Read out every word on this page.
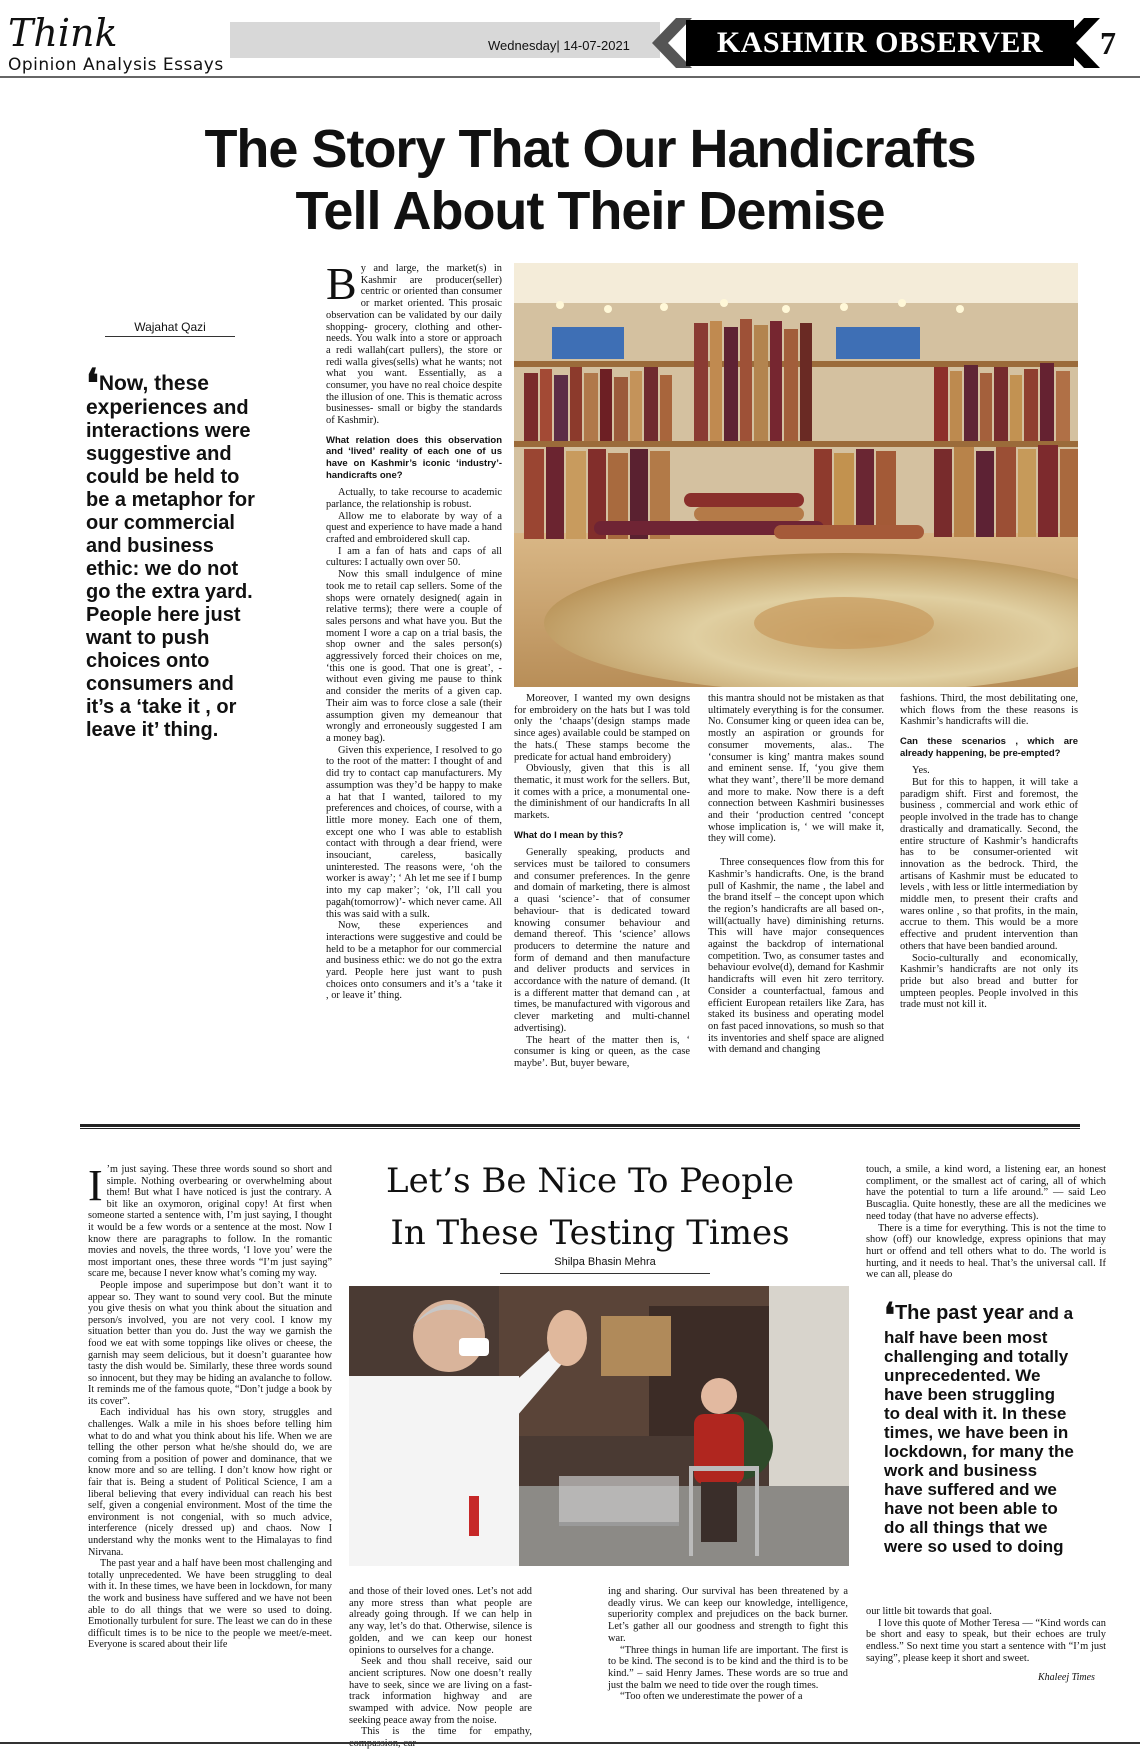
Think
Opinion Analysis Essays
Wednesday| 14-07-2021	KASHMIR OBSERVER	7
The Story That Our Handicrafts
Tell About Their Demise
Wajahat Qazi
❛Now, these experiences and interactions were suggestive and could be held to be a metaphor for our commercial and business ethic: we do not go the extra yard. People here just want to push choices onto consumers and it’s a ‘take it , or leave it’ thing.

By and large, the market(s) in Kashmir are producer(seller) centric or oriented than consumer or market oriented. This prosaic observation can be validated by our daily shopping- grocery, clothing and other- needs. You walk into a store or approach a redi wallah(cart pullers), the store or redi walla gives(sells) what he wants; not what you want. Essentially, as a consumer, you have no real choice despite the illusion of one. This is thematic across businesses- small or bigby the standards of Kashmir).

What relation does this observation and ‘lived’ reality of each one of us have on Kashmir’s iconic ‘industry’- handicrafts one?

Actually, to take recourse to academic parlance, the relationship is robust.

Allow me to elaborate by way of a quest and experience to have made a hand crafted and embroidered skull cap.

I am a fan of hats and caps of all cultures: I actually own over 50.

Now this small indulgence of mine took me to retail cap sellers. Some of the shops were ornately designed( again in relative terms); there were a couple of sales persons and what have you. But the moment I wore a cap on a trial basis, the shop owner and the sales person(s) aggressively forced their choices on me, ‘this one is good. That one is great’, - without even giving me pause to think and consider the merits of a given cap. Their aim was to force close a sale (their assumption given my demeanour that wrongly and erroneously suggested I am a money bag).

Given this experience, I resolved to go to the root of the matter: I thought of and did try to contact cap manufacturers. My assumption was they’d be happy to make a hat that I wanted, tailored to my preferences and choices, of course, with a little more money. Each one of them, except one who I was able to establish contact with through a dear friend, were insouciant, careless, basically uninterested. The reasons were, ‘oh the worker is away’; ‘ Ah let me see if I bump into my cap maker’; ‘ok, I’ll call you pagah(tomorrow)’- which never came. All this was said with a sulk.

Now, these experiences and interactions were suggestive and could be held to be a metaphor for our commercial and business ethic: we do not go the extra yard. People here just want to push choices onto consumers and it’s a ‘take it , or leave it’ thing.

Moreover, I wanted my own designs for embroidery on the hats but I was told only the ‘chaaps’(design stamps made since ages) available could be stamped on the hats.( These stamps become the predicate for actual hand embroidery)

Obviously, given that this is all thematic, it must work for the sellers. But, it comes with a price, a monumental one- the diminishment of our handicrafts In all markets.

What do I mean by this?

Generally speaking, products and services must be tailored to consumers and consumer preferences. In the genre and domain of marketing, there is almost a quasi ‘science’- that of consumer behaviour- that is dedicated toward knowing consumer behaviour and demand thereof. This ‘science’ allows producers to determine the nature and form of demand and then manufacture and deliver products and services in accordance with the nature of demand. (It is a different matter that demand can , at times, be manufactured with vigorous and clever marketing and multi-channel advertising).

The heart of the matter then is, ‘ consumer is king or queen, as the case maybe’. But, buyer beware,

this mantra should not be mistaken as that ultimately everything is for the consumer. No. Consumer king or queen idea can be, mostly an aspiration or grounds for consumer movements, alas.. The ‘consumer is king’ mantra makes sound and eminent sense. If, ‘you give them what they want’, there’ll be more demand and more to make. Now there is a deft connection between Kashmiri businesses and their ‘production centred ‘concept whose implication is, ‘ we will make it, they will come).

Three consequences flow from this for Kashmir’s handicrafts. One, is the brand pull of Kashmir, the name , the label and the brand itself – the concept upon which the region’s handicrafts are all based on-, will(actually have) diminishing returns. This will have major consequences against the backdrop of international competition. Two, as consumer tastes and behaviour evolve(d), demand for Kashmir handicrafts will even hit zero territory. Consider a counterfactual, famous and efficient European retailers like Zara, has staked its business and operating model on fast paced innovations, so mush so that its inventories and shelf space are aligned with demand and changing

fashions. Third, the most debilitating one, which flows from the these reasons is Kashmir’s handicrafts will die.

Can these scenarios , which are already happening, be pre-empted?

Yes.

But for this to happen, it will take a paradigm shift. First and foremost, the business , commercial and work ethic of people involved in the trade has to change drastically and dramatically. Second, the entire structure of Kashmir’s handicrafts has to be consumer-oriented wit innovation as the bedrock. Third, the artisans of Kashmir must be educated to levels , with less or little intermediation by middle men, to present their crafts and wares online , so that profits, in the main, accrue to them. This would be a more effective and prudent intervention than others that have been bandied around.

Socio-culturally and economically, Kashmir’s handicrafts are not only its pride but also bread and butter for umpteen peoples. People involved in this trade must not kill it.

I ’m just saying. These three words sound so short and simple. Nothing overbearing or overwhelming about them! But what I have noticed is just the contrary. A bit like an oxymoron, original copy! At first when someone started a sentence with, I’m just saying, I thought it would be a few words or a sentence at the most. Now I know there are paragraphs to follow. In the romantic movies and novels, the three words, ‘I love you’ were the most important ones, these three words “I’m just saying” scare me, because I never know what’s coming my way.

People impose and superimpose but don’t want it to appear so. They want to sound very cool. But the minute you give thesis on what you think about the situation and person/s involved, you are not very cool. I know my situation better than you do. Just the way we garnish the food we eat with some toppings like olives or cheese, the garnish may seem delicious, but it doesn’t guarantee how tasty the dish would be. Similarly, these three words sound so innocent, but they may be hiding an avalanche to follow. It reminds me of the famous quote, “Don’t judge a book by its cover”.

Each individual has his own story, struggles and challenges. Walk a mile in his shoes before telling him what to do and what you think about his life. When we are telling the other person what he/she should do, we are coming from a position of power and dominance, that we know more and so are telling. I don’t know how right or fair that is. Being a student of Political Science, I am a liberal believing that every individual can reach his best self, given a congenial environment. Most of the time the environment is not congenial, with so much advice, interference (nicely dressed up) and chaos. Now I understand why the monks went to the Himalayas to find Nirvana.

The past year and a half have been most challenging and totally unprecedented. We have been struggling to deal with it. In these times, we have been in lockdown, for many the work and business have suffered and we have not been able to do all things that we were so used to doing. Emotionally turbulent for sure. The least we can do in these difficult times is to be nice to the people we meet/e-meet. Everyone is scared about their life

Let’s Be Nice To People
In These Testing Times
Shilpa Bhasin Mehra

and those of their loved ones. Let’s not add any more stress than what people are already going through. If we can help in any way, let’s do that. Otherwise, silence is golden, and we can keep our honest opinions to ourselves for a change.

Seek and thou shall receive, said our ancient scriptures. Now one doesn’t really have to seek, since we are living on a fast-track information highway and are swamped with advice. Now people are seeking peace away from the noise.

This is the time for empathy,

ing and sharing. Our survival has been threatened by a deadly virus. We can keep our knowledge, intelligence, superiority complex and prejudices on the back burner. Let’s gather all our goodness and strength to fight this war.

“Three things in human life are important. The first is to be kind. The second is to be kind and the third is to be kind.” – said Henry James. These words are so true and just the balm we need to tide over the rough times.

“Too often we underestimate the power of a

touch, a smile, a kind word, a listening ear, an honest compliment, or the smallest act of caring, all of which have the potential to turn a life around.” — said Leo Buscaglia. Quite honestly, these are all the medicines we need today (that have no adverse effects).

There is a time for everything. This is not the time to show (off) our knowledge, express opinions that may hurt or offend and tell others what to do. The world is hurting, and it needs to heal. That’s the universal call. If we can all, please do

❛The past year and a half have been most challenging and totally unprecedented. We have been struggling to deal with it. In these times, we have been in lockdown, for many the work and business have suffered and we have not been able to do all things that we were so used to doing

our little bit towards that goal.

I love this quote of Mother Teresa — “Kind words can be short and easy to speak, but their echoes are truly endless.” So next time you start a sentence with “I’m just saying”, please keep it short and sweet.

Khaleej Times
